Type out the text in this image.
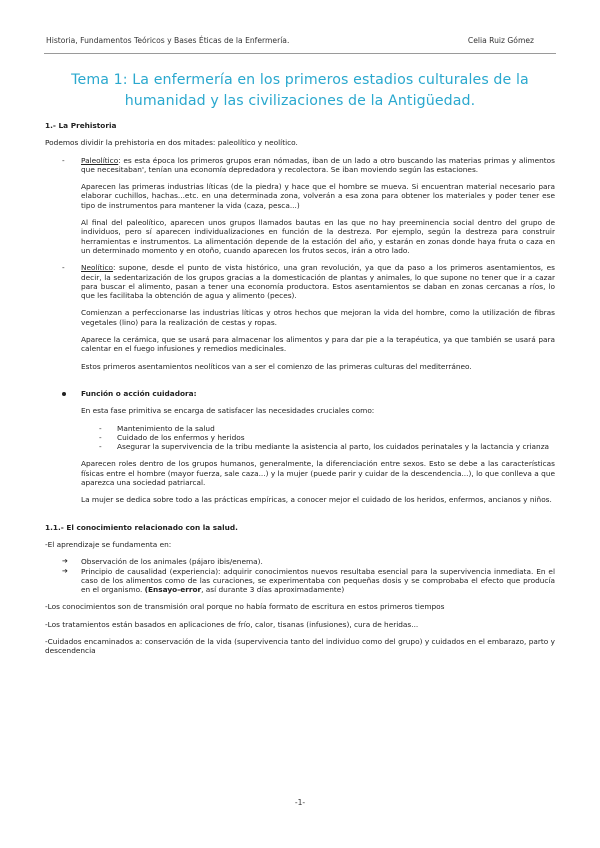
Historia, Fundamentos Teóricos y Bases Éticas de la Enfermería.	Celia Ruiz Gómez
Tema 1: La enfermería en los primeros estadios culturales de la
humanidad y las civilizaciones de la Antigüedad.

1.- La Prehistoria

Podemos dividir la prehistoria en dos mitades: paleolítico y neolítico.

- Paleolítico: es esta época los primeros grupos eran nómadas, iban de un lado a otro buscando las materias primas y alimentos que necesitaban', tenían una economía depredadora y recolectora. Se iban moviendo según las estaciones.

Aparecen las primeras industrias líticas (de la piedra) y hace que el hombre se mueva. Si encuentran material necesario para elaborar cuchillos, hachas...etc. en una determinada zona, volverán a esa zona para obtener los materiales y poder tener ese tipo de instrumentos para mantener la vida (caza, pesca...)

Al final del paleolítico, aparecen unos grupos llamados bautas en las que no hay preeminencia social dentro del grupo de individuos, pero sí aparecen individualizaciones en función de la destreza. Por ejemplo, según la destreza para construir herramientas e instrumentos. La alimentación depende de la estación del año, y estarán en zonas donde haya fruta o caza en un determinado momento y en otoño, cuando aparecen los frutos secos, irán a otro lado.

- Neolítico: supone, desde el punto de vista histórico, una gran revolución, ya que da paso a los primeros asentamientos, es decir, la sedentarización de los grupos gracias a la domesticación de plantas y animales, lo que supone no tener que ir a cazar para buscar el alimento, pasan a tener una economía productora. Estos asentamientos se daban en zonas cercanas a ríos, lo que les facilitaba la obtención de agua y alimento (peces).

Comienzan a perfeccionarse las industrias líticas y otros hechos que mejoran la vida del hombre, como la utilización de fibras vegetales (lino) para la realización de cestas y ropas.

Aparece la cerámica, que se usará para almacenar los alimentos y para dar pie a la terapéutica, ya que también se usará para calentar en el fuego infusiones y remedios medicinales.

Estos primeros asentamientos neolíticos van a ser el comienzo de las primeras culturas del mediterráneo.

Función o acción cuidadora:

En esta fase primitiva se encarga de satisfacer las necesidades cruciales como:

- Mantenimiento de la salud
- Cuidado de los enfermos y heridos
- Asegurar la supervivencia de la tribu mediante la asistencia al parto, los cuidados perinatales y la lactancia y crianza

Aparecen roles dentro de los grupos humanos, generalmente, la diferenciación entre sexos. Esto se debe a las características físicas entre el hombre (mayor fuerza, sale caza...) y la mujer (puede parir y cuidar de la descendencia...), lo que conlleva a que aparezca una sociedad patriarcal.

La mujer se dedica sobre todo a las prácticas empíricas, a conocer mejor el cuidado de los heridos, enfermos, ancianos y niños.

1.1.- El conocimiento relacionado con la salud.

-El aprendizaje se fundamenta en:

➔ Observación de los animales (pájaro ibis/enema).
➔ Principio de causalidad (experiencia): adquirir conocimientos nuevos resultaba esencial para la supervivencia inmediata. En el caso de los alimentos como de las curaciones, se experimentaba con pequeñas dosis y se comprobaba el efecto que producía en el organismo. (Ensayo-error, así durante 3 días aproximadamente)

-Los conocimientos son de transmisión oral porque no había formato de escritura en estos primeros tiempos

-Los tratamientos están basados en aplicaciones de frío, calor, tisanas (infusiones), cura de heridas...

-Cuidados encaminados a: conservación de la vida (supervivencia tanto del individuo como del grupo) y cuidados en el embarazo, parto y descendencia

-1-
